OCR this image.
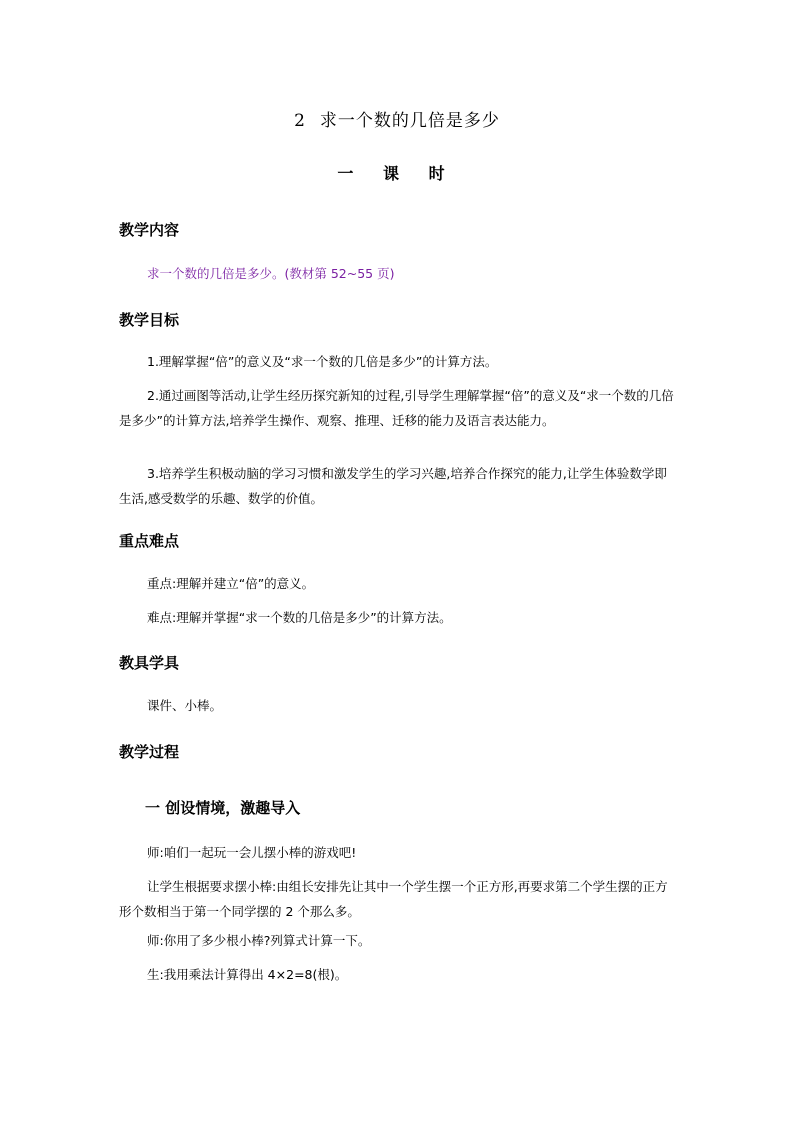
2 求一个数的几倍是多少
一 课 时
教学内容

求一个数的几倍是多少。(教材第 52~55 页)

教学目标

1.理解掌握“倍”的意义及“求一个数的几倍是多少”的计算方法。

2.通过画图等活动,让学生经历探究新知的过程,引导学生理解掌握“倍”的意义及“求一个数的几倍是多少”的计算方法,培养学生操作、观察、推理、迁移的能力及语言表达能力。

3.培养学生积极动脑的学习习惯和激发学生的学习兴趣,培养合作探究的能力,让学生体验数学即生活,感受数学的乐趣、数学的价值。

重点难点

重点:理解并建立“倍”的意义。

难点:理解并掌握“求一个数的几倍是多少”的计算方法。

教具学具

课件、小棒。

教学过程
一 创设情境，激趣导入

师:咱们一起玩一会儿摆小棒的游戏吧!

让学生根据要求摆小棒:由组长安排先让其中一个学生摆一个正方形,再要求第二个学生摆的正方形个数相当于第一个同学摆的 2 个那么多。

师:你用了多少根小棒?列算式计算一下。

生:我用乘法计算得出 4×2=8(根)。
